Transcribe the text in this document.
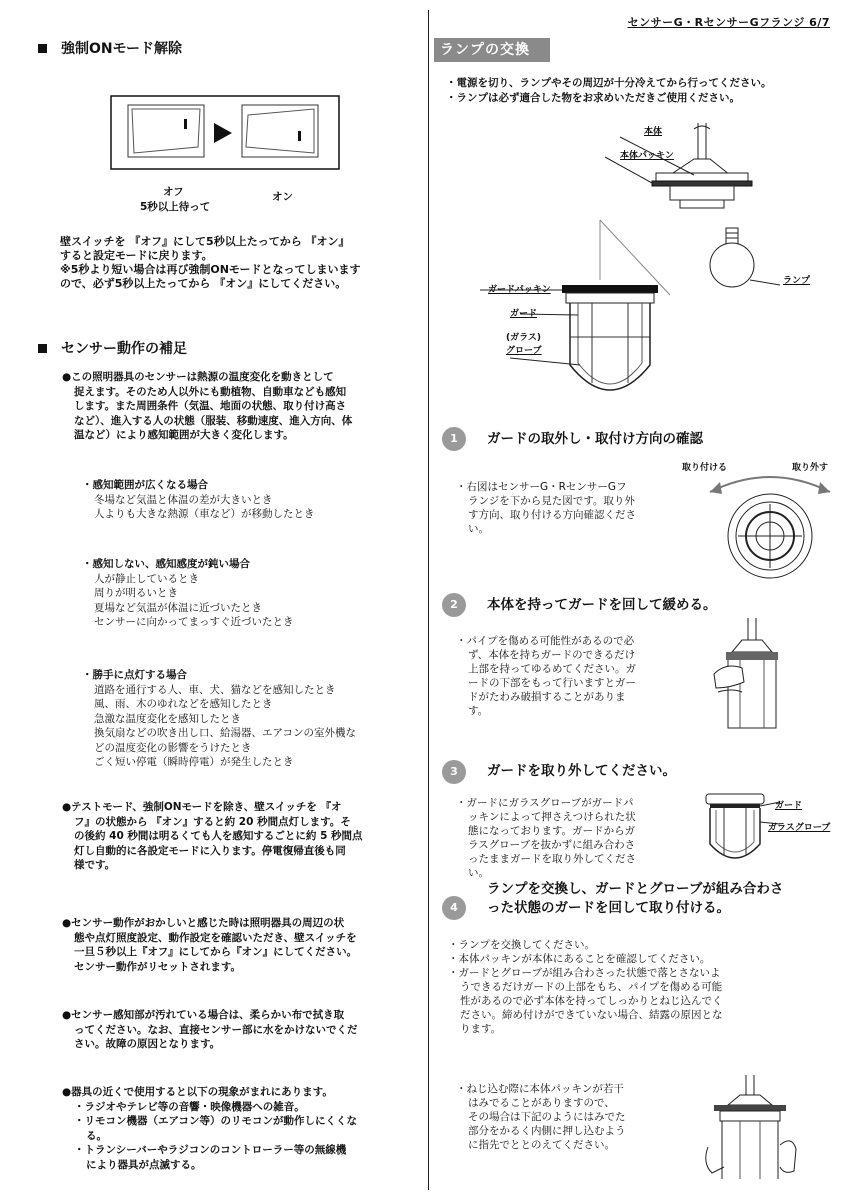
センサーG・RセンサーGフランジ 6/7
強制ONモード解除
オフ	オン
5秒以上待って
壁スイッチを 『オフ』にして5秒以上たってから 『オン』
すると設定モードに戻ります。
※5秒より短い場合は再び強制ONモードとなってしまいます
ので、必ず5秒以上たってから 『オン』にしてください。
センサー動作の補足
●この照明器具のセンサーは熱源の温度変化を動きとして
捉えます。そのため人以外にも動植物、自動車なども感知
します。また周囲条件（気温、地面の状態、取り付け高さ
など）、進入する人の状態（服装、移動速度、進入方向、体
温など）により感知範囲が大きく変化します。
・感知範囲が広くなる場合
冬場など気温と体温の差が大きいとき
人よりも大きな熱源（車など）が移動したとき
・感知しない、感知感度が鈍い場合
人が静止しているとき
周りが明るいとき
夏場など気温が体温に近づいたとき
センサーに向かってまっすぐ近づいたとき
・勝手に点灯する場合
道路を通行する人、車、犬、猫などを感知したとき
風、雨、木のゆれなどを感知したとき
急激な温度変化を感知したとき
換気扇などの吹き出し口、給湯器、エアコンの室外機な
どの温度変化の影響をうけたとき
ごく短い停電（瞬時停電）が発生したとき
●テストモード、強制ONモードを除き、壁スイッチを 『オ
フ』の状態から 『オン』すると約 20 秒間点灯します。そ
の後約 40 秒間は明るくても人を感知するごとに約 5 秒間点
灯し自動的に各設定モードに入ります。停電復帰直後も同
様です。
●センサー動作がおかしいと感じた時は照明器具の周辺の状
態や点灯照度設定、動作設定を確認いただき、壁スイッチを
一旦５秒以上『オフ』にしてから『オン』にしてください。
センサー動作がリセットされます。
●センサー感知部が汚れている場合は、柔らかい布で拭き取
ってください。なお、直接センサー部に水をかけないでくだ
さい。故障の原因となります。
●器具の近くで使用すると以下の現象がまれにあります。
・ラジオやテレビ等の音響・映像機器への雑音。
・リモコン機器（エアコン等）のリモコンが動作しにくくな
る。
・トランシーバーやラジコンのコントローラー等の無線機
により器具が点滅する。
ランプの交換
・電源を切り、ランプやその周辺が十分冷えてから行ってください。
・ランプは必ず適合した物をお求めいただきご使用ください。
本体
本体パッキン
ランプ
ガードパッキン
ガード
(ガラス)
グローブ
1	ガードの取外し・取付け方向の確認
取り付ける	取り外す
・右図はセンサーG・RセンサーGフ
ランジを下から見た図です。取り外
す方向、取り付ける方向確認くださ
い。
2	本体を持ってガードを回して緩める。
・パイプを傷める可能性があるので必
ず、本体を持ちガードのできるだけ
上部を持ってゆるめてください。ガ
ードの下部をもって行いますとガー
ドがたわみ破損することがありま
す。
3	ガードを取り外してください。
・ガードにガラスグローブがガードパ
ッキンによって押さえつけられた状
態になっております。ガードからガ
ラスグローブを抜かずに組み合わさ
ったままガードを取り外してくださ
い。
ガード
ガラスグローブ
4
ランプを交換し、ガードとグローブが組み合わさ
った状態のガードを回して取り付ける。
・ランプを交換してください。
・本体パッキンが本体にあることを確認してください。
・ガードとグローブが組み合わさった状態で落とさないよ
うできるだけガードの上部をもち、パイプを傷める可能
性があるので必ず本体を持ってしっかりとねじ込んでく
ださい。締め付けができていない場合、結露の原因とな
ります。
・ねじ込む際に本体パッキンが若干
はみでることがありますので、
その場合は下記のようにはみでた
部分をかるく内側に押し込むよう
に指先でととのえてください。
